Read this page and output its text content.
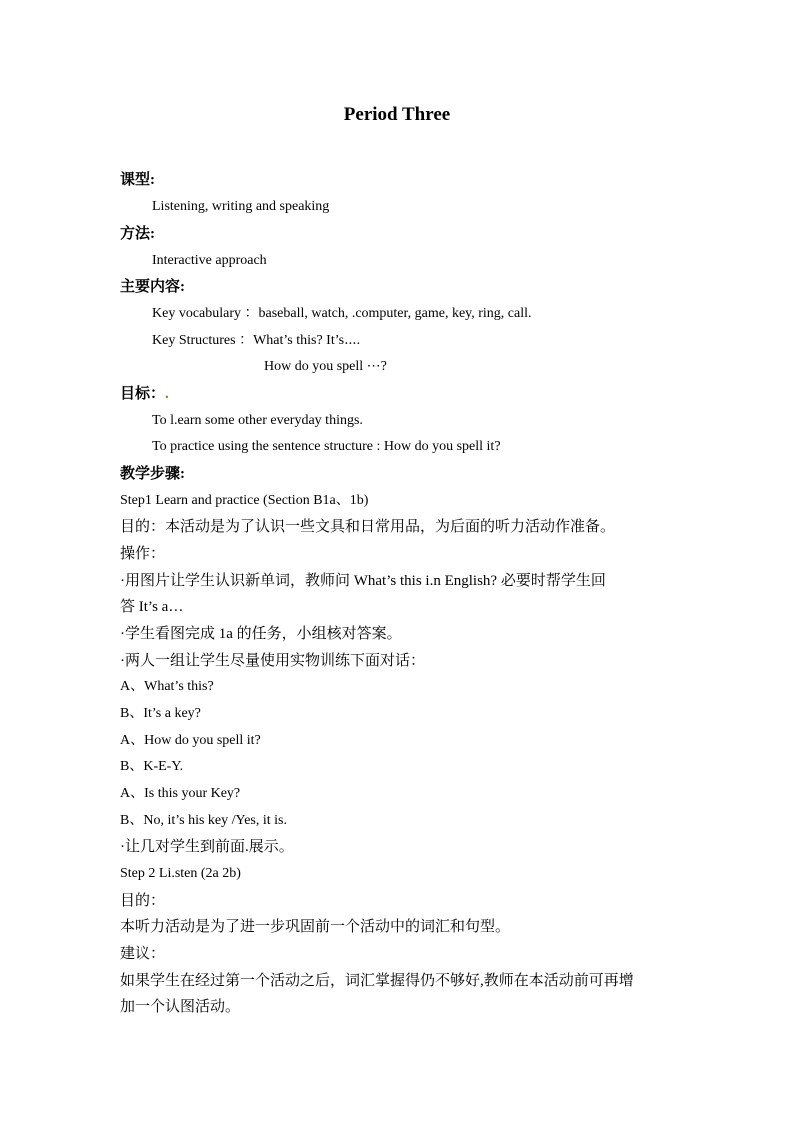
Period Three
课型:
Listening, writing and speaking
方法:
Interactive approach
主要内容:
Key vocabulary ：baseball, watch, .computer, game, key, ring, call.
Key Structures ：What’s this? It’s⋯.
How do you spell ⋯?
目标：.
To l.earn some other everyday things.
To practice using the sentence structure : How do you spell it?
教学步骤:
Step1 Learn and practice (Section B1a、1b)
目的：本活动是为了认识一些文具和日常用品，为后面的听力活动作准备。
操作：
·用图片让学生认识新单词，教师问 What’s this i.n English? 必要时帮学生回
答 It’s a…
·学生看图完成 1a 的任务，小组核对答案。
·两人一组让学生尽量使用实物训练下面对话：
A、What’s this?
B、It’s a key?
A、How do you spell it?
B、K-E-Y.
A、Is this your Key?
B、No, it’s his key /Yes, it is.
·让几对学生到前面.展示。
Step 2 Li.sten (2a 2b)
目的：
本听力活动是为了进一步巩固前一个活动中的词汇和句型。
建议：
如果学生在经过第一个活动之后，词汇掌握得仍不够好,教师在本活动前可再增
加一个认图活动。
